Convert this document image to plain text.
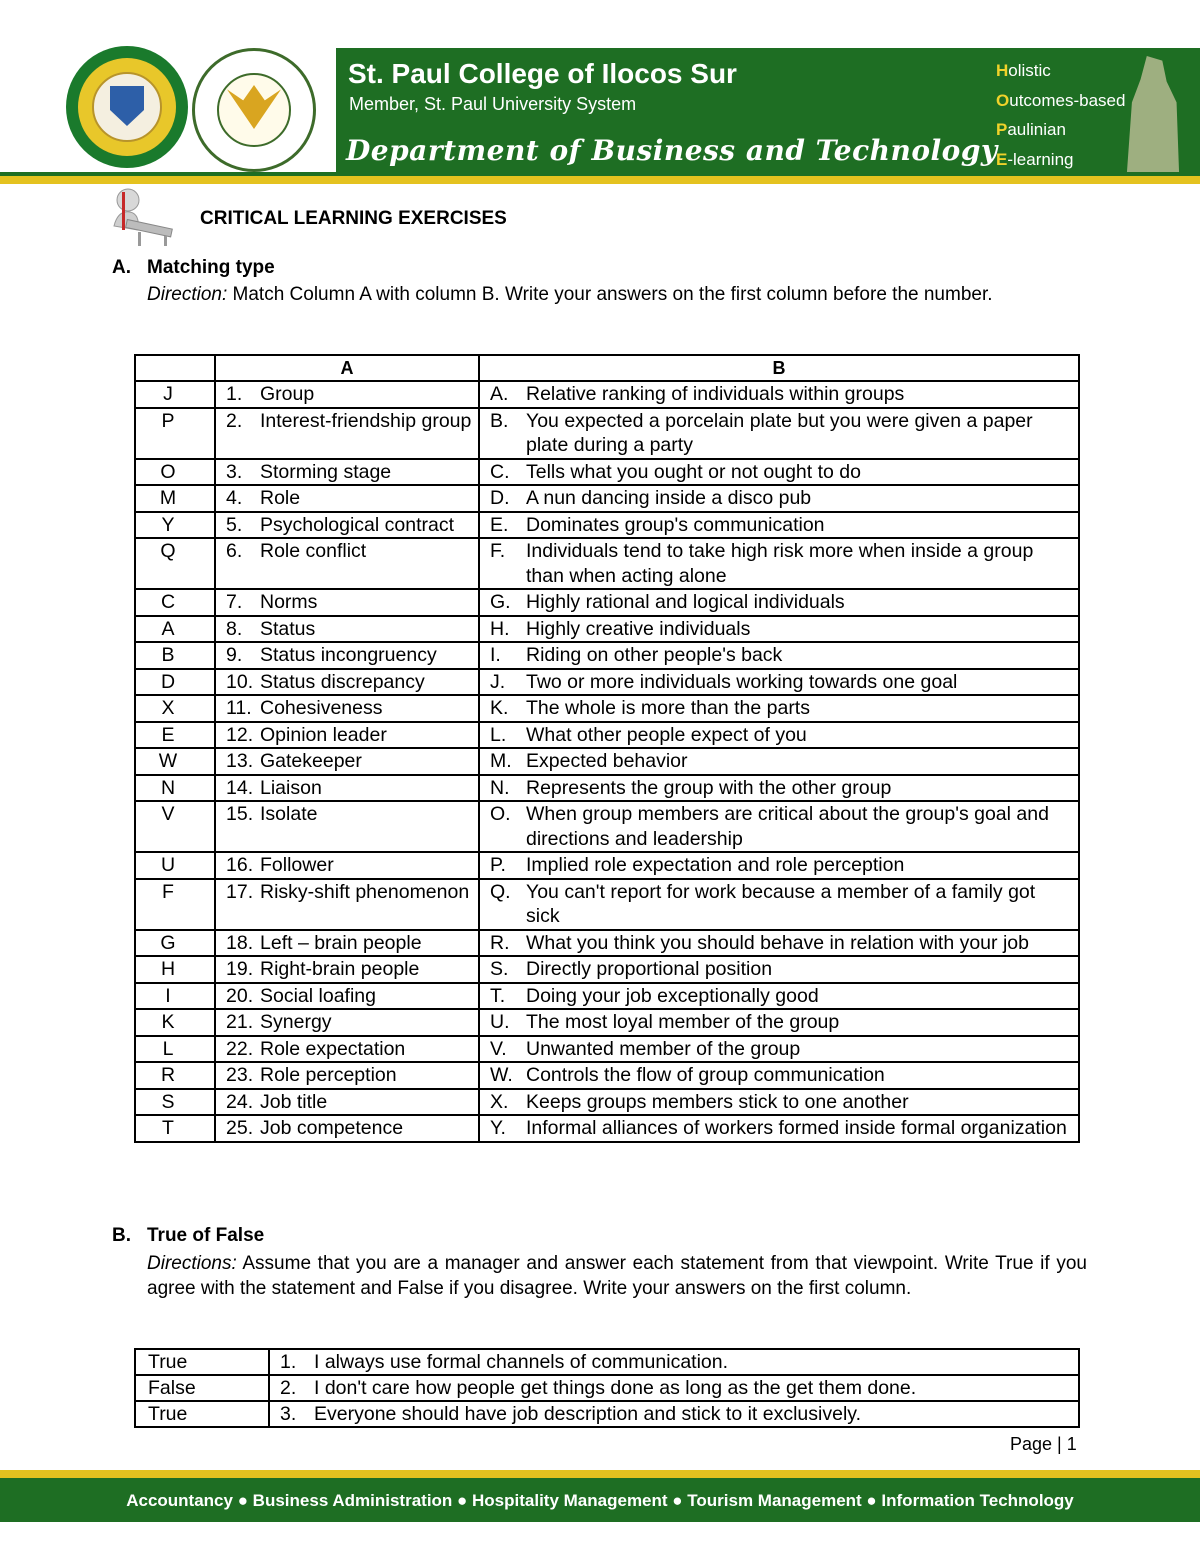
St. Paul College of Ilocos Sur
Member, St. Paul University System
Department of Business and Technology
Holistic
Outcomes-based
Paulinian
E-learning
CRITICAL LEARNING EXERCISES
A. Matching type
Direction: Match Column A with column B. Write your answers on the first column before the number.
	A	B
J	1. Group	A. Relative ranking of individuals within groups

P	2. Interest-friendship group	B. You expected a porcelain plate but you were given a paper plate during a party

O	3. Storming stage	C. Tells what you ought or not ought to do

M	4. Role	D. A nun dancing inside a disco pub

Y	5. Psychological contract	E. Dominates group's communication

Q	6. Role conflict	F. Individuals tend to take high risk more when inside a group than when acting alone

C	7. Norms	G. Highly rational and logical individuals

A	8. Status	H. Highly creative individuals

B	9. Status incongruency	I. Riding on other people's back

D	10. Status discrepancy	J. Two or more individuals working towards one goal

X	11. Cohesiveness	K. The whole is more than the parts

E	12. Opinion leader	L. What other people expect of you

W	13. Gatekeeper	M. Expected behavior

N	14. Liaison	N. Represents the group with the other group

V	15. Isolate	O. When group members are critical about the group's goal and directions and leadership

U	16. Follower	P. Implied role expectation and role perception

F	17. Risky-shift phenomenon	Q. You can't report for work because a member of a family got sick

G	18. Left – brain people	R. What you think you should behave in relation with your job

H	19. Right-brain people	S. Directly proportional position

I	20. Social loafing	T. Doing your job exceptionally good

K	21. Synergy	U. The most loyal member of the group

L	22. Role expectation	V. Unwanted member of the group

R	23. Role perception	W. Controls the flow of group communication

S	24. Job title	X. Keeps groups members stick to one another

T	25. Job competence	Y. Informal alliances of workers formed inside formal organization
B. True of False
Directions: Assume that you are a manager and answer each statement from that viewpoint. Write True if you agree with the statement and False if you disagree. Write your answers on the first column.
True	1. I always use formal channels of communication.

False	2. I don't care how people get things done as long as the get them done.

True	3. Everyone should have job description and stick to it exclusively.
Page | 1
Accountancy ● Business Administration ● Hospitality Management ● Tourism Management ● Information Technology
